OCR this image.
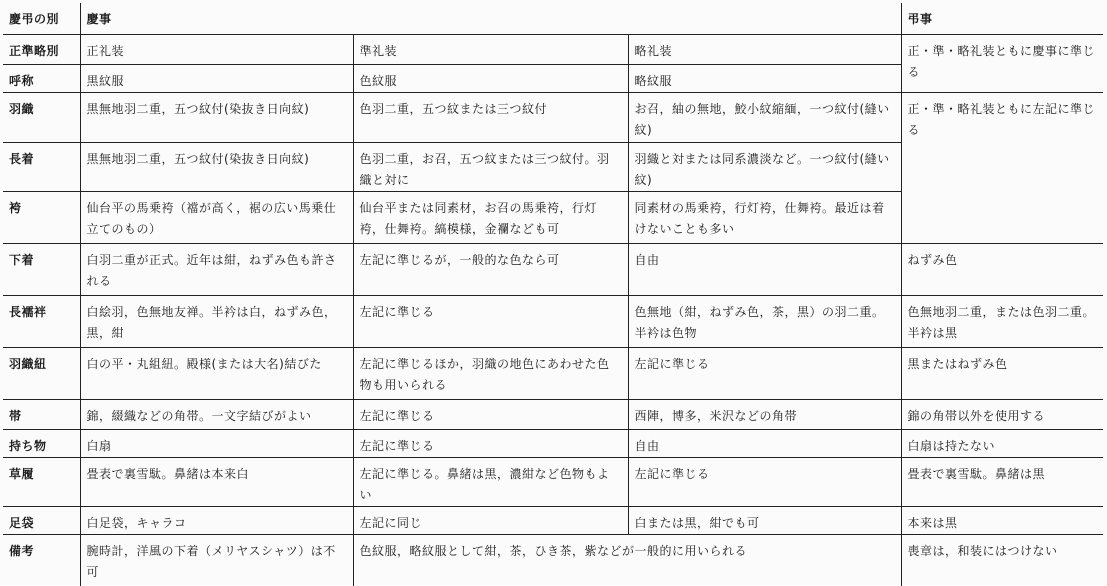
慶弔の別	慶事			弔事
正準略別	正礼装	準礼装	略礼装	正・準・略礼装ともに慶事に準じる
呼称	黒紋服	色紋服	略紋服	
羽織	黒無地羽二重，五つ紋付(染抜き日向紋)	色羽二重，五つ紋または三つ紋付	お召，紬の無地，鮫小紋縮緬，一つ紋付(縫い紋)	正・準・略礼装ともに左記に準じる
長着	黒無地羽二重，五つ紋付(染抜き日向紋)	色羽二重，お召，五つ紋または三つ紋付。羽織と対に	羽織と対または同系濃淡など。一つ紋付(縫い紋)	
袴	仙台平の馬乗袴（襠が高く，裾の広い馬乗仕立てのもの）	仙台平または同素材，お召の馬乗袴，行灯袴，仕舞袴。縞模様，金襴なども可	同素材の馬乗袴，行灯袴，仕舞袴。最近は着けないことも多い	
下着	白羽二重が正式。近年は紺，ねずみ色も許される	左記に準じるが，一般的な色なら可	自由	ねずみ色
長襦袢	白絵羽，色無地友禅。半衿は白，ねずみ色，黒，紺	左記に準じる	色無地（紺，ねずみ色，茶，黒）の羽二重。半衿は色物	色無地羽二重，または色羽二重。半衿は黒
羽織紐	白の平・丸組紐。殿様(または大名)結びた	左記に準じるほか，羽織の地色にあわせた色物も用いられる	左記に準じる	黒またはねずみ色
帯	錦，綴織などの角帯。一文字結びがよい	左記に準じる	西陣，博多，米沢などの角帯	錦の角帯以外を使用する
持ち物	白扇	左記に準じる	自由	白扇は持たない
草履	畳表で裏雪駄。鼻緒は本来白	左記に準じる。鼻緒は黒，濃紺など色物もよい	左記に準じる	畳表で裏雪駄。鼻緒は黒
足袋	白足袋，キャラコ	左記に同じ	白または黒，紺でも可	本来は黒
備考	腕時計，洋風の下着（メリヤスシャツ）は不可	色紋服，略紋服として紺，茶，ひき茶，紫などが一般的に用いられる		喪章は，和装にはつけない
